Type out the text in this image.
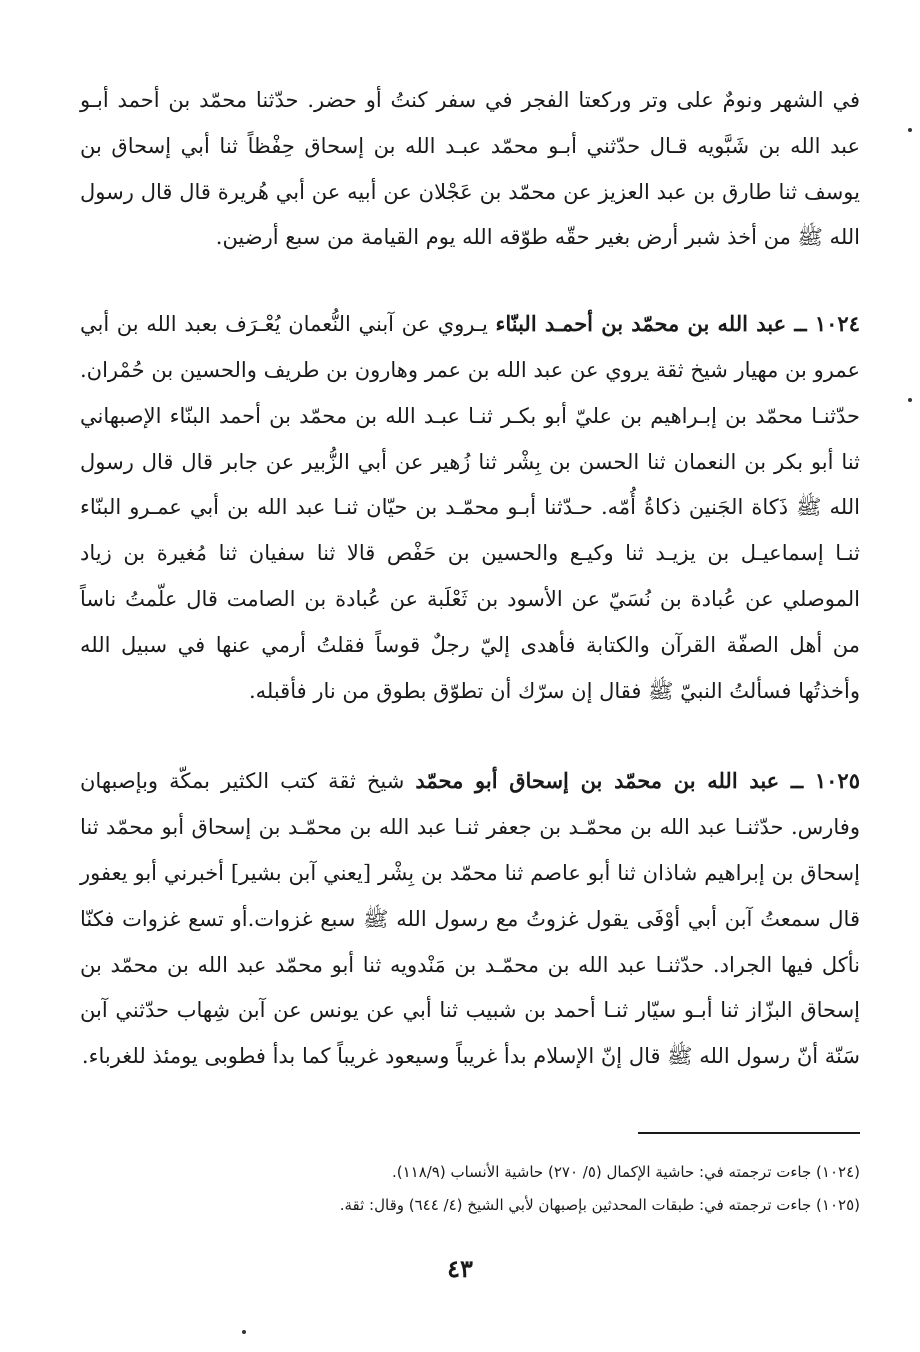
في الشهر ونومٌ على وتر وركعتا الفجر في سفر كنتُ أو حضر. حدّثنا محمّد بن أحمد أبـو عبد الله بن شَبَّويه قـال حدّثني أبـو محمّد عبـد الله بن إسحاق حِفْظاً ثنا أبي إسحاق بن يوسف ثنا طارق بن عبد العزيز عن محمّد بن عَجْلان عن أبيه عن أبي هُريرة قال قال رسول الله ﷺ من أخذ شبر أرض بغير حقّه طوّقه الله يوم القيامة من سبع أرضين.

١٠٢٤ ــ عبد الله بن محمّد بن أحمـد البنّاء يـروي عن آبني النُّعمان يُعْـرَف بعبد الله بن أبي عمرو بن مهيار شيخ ثقة يروي عن عبد الله بن عمر وهارون بن طريف والحسين بن حُمْران. حدّثنـا محمّد بن إبـراهيم بن عليّ أبو بكـر ثنـا عبـد الله بن محمّد بن أحمد البنّاء الإصبهاني ثنا أبو بكر بن النعمان ثنا الحسن بن بِشْر ثنا زُهير عن أبي الزُّبير عن جابر قال قال رسول الله ﷺ ذَكاة الجَنين ذكاةُ أُمّه. حـدّثنا أبـو محمّـد بن حيّان ثنـا عبد الله بن أبي عمـرو البنّاء ثنـا إسماعيـل بن يزيـد ثنا وكيـع والحسين بن حَفْص قالا ثنا سفيان ثنا مُغيرة بن زياد الموصلي عن عُبادة بن نُسَيّ عن الأسود بن ثَعْلَبة عن عُبادة بن الصامت قال علّمتُ ناساً من أهل الصفّة القرآن والكتابة فأهدى إليّ رجلٌ قوساً فقلتُ أرمي عنها في سبيل الله وأخذتُها فسألتُ النبيّ ﷺ فقال إن سرّك أن تطوّق بطوق من نار فأقبله.

١٠٢٥ ــ عبد الله بن محمّد بن إسحاق أبو محمّد شيخ ثقة كتب الكثير بمكّة وبإصبهان وفارس. حدّثنـا عبد الله بن محمّـد بن جعفر ثنـا عبد الله بن محمّـد بن إسحاق أبو محمّد ثنا إسحاق بن إبراهيم شاذان ثنا أبو عاصم ثنا محمّد بن بِشْر [يعني آبن بشير] أخبرني أبو يعفور قال سمعتُ آبن أبي أوْفَى يقول غزوتُ مع رسول الله ﷺ سبع غزوات.أو تسع غزوات فكنّا نأكل فيها الجراد. حدّثنـا عبد الله بن محمّـد بن مَنْدويه ثنا أبو محمّد عبد الله بن محمّد بن إسحاق البزّاز ثنا أبـو سيّار ثنـا أحمد بن شبيب ثنا أبي عن يونس عن آبن شِهاب حدّثني آبن سَنّة أنّ رسول الله ﷺ قال إنّ الإسلام بدأ غريباً وسيعود غريباً كما بدأ فطوبى يومئذ للغرباء.

(١٠٢٤) جاءت ترجمته في: حاشية الإكمال (٥/ ٢٧٠) حاشية الأنساب (١١٨/٩).
(١٠٢٥) جاءت ترجمته في: طبقات المحدثين بإصبهان لأبي الشيخ (٤/ ٦٤٤) وقال: ثقة.
٤٣
